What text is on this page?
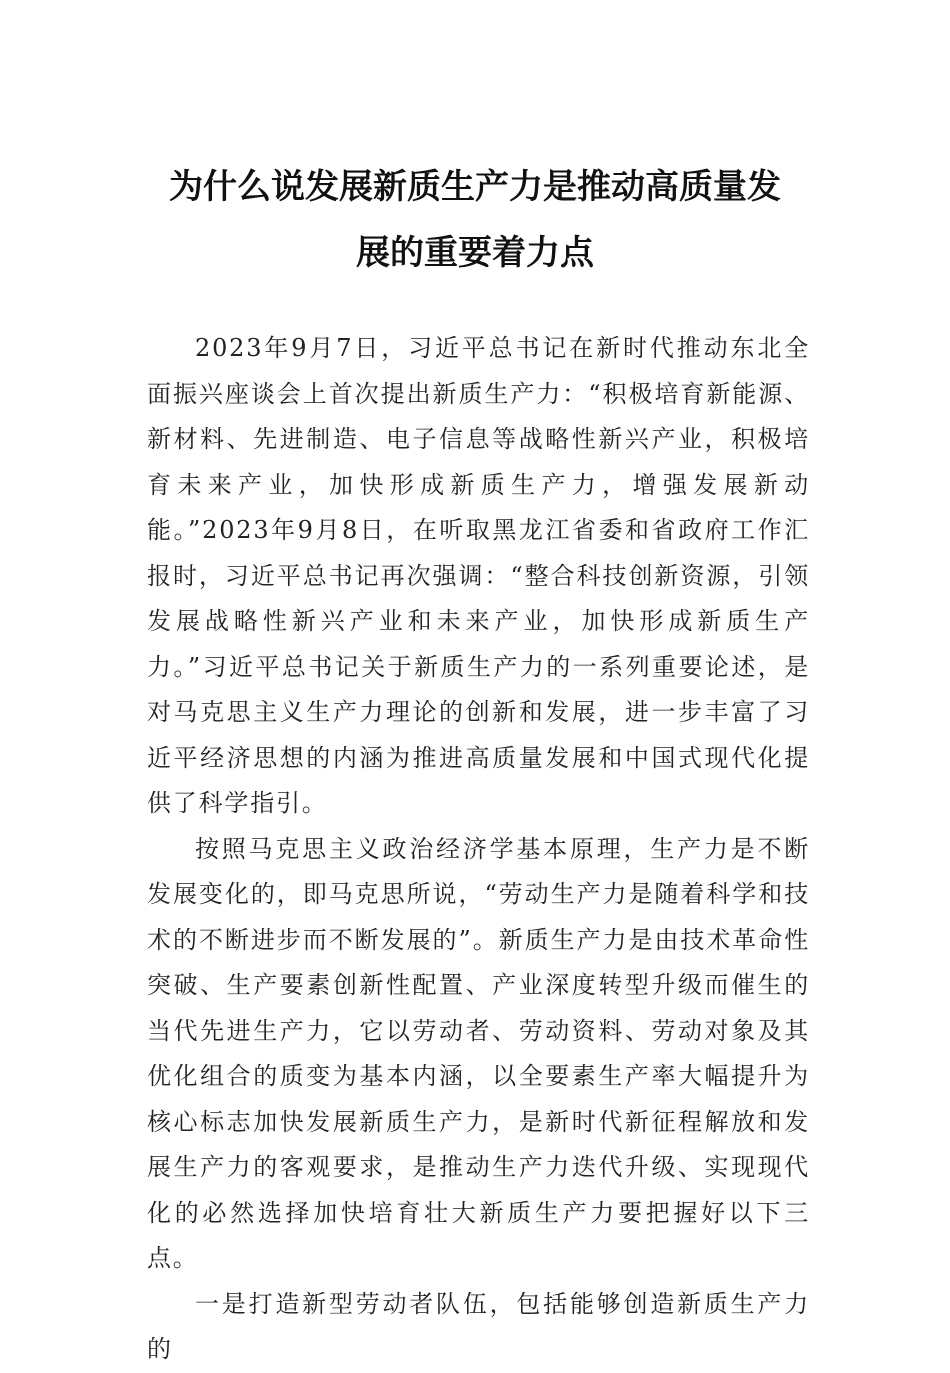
为什么说发展新质生产力是推动高质量发
展的重要着力点

2023年9月7日，习近平总书记在新时代推动东北全面振兴座谈会上首次提出新质生产力：“积极培育新能源、新材料、先进制造、电子信息等战略性新兴产业，积极培育未来产业，加快形成新质生产力，增强发展新动能。”2023年9月8日，在听取黑龙江省委和省政府工作汇报时，习近平总书记再次强调：“整合科技创新资源，引领发展战略性新兴产业和未来产业，加快形成新质生产力。”习近平总书记关于新质生产力的一系列重要论述，是对马克思主义生产力理论的创新和发展，进一步丰富了习近平经济思想的内涵为推进高质量发展和中国式现代化提供了科学指引。

按照马克思主义政治经济学基本原理，生产力是不断发展变化的，即马克思所说，“劳动生产力是随着科学和技术的不断进步而不断发展的”。新质生产力是由技术革命性突破、生产要素创新性配置、产业深度转型升级而催生的当代先进生产力，它以劳动者、劳动资料、劳动对象及其优化组合的质变为基本内涵，以全要素生产率大幅提升为核心标志加快发展新质生产力，是新时代新征程解放和发展生产力的客观要求，是推动生产力迭代升级、实现现代化的必然选择加快培育壮大新质生产力要把握好以下三点。

一是打造新型劳动者队伍，包括能够创造新质生产力的
